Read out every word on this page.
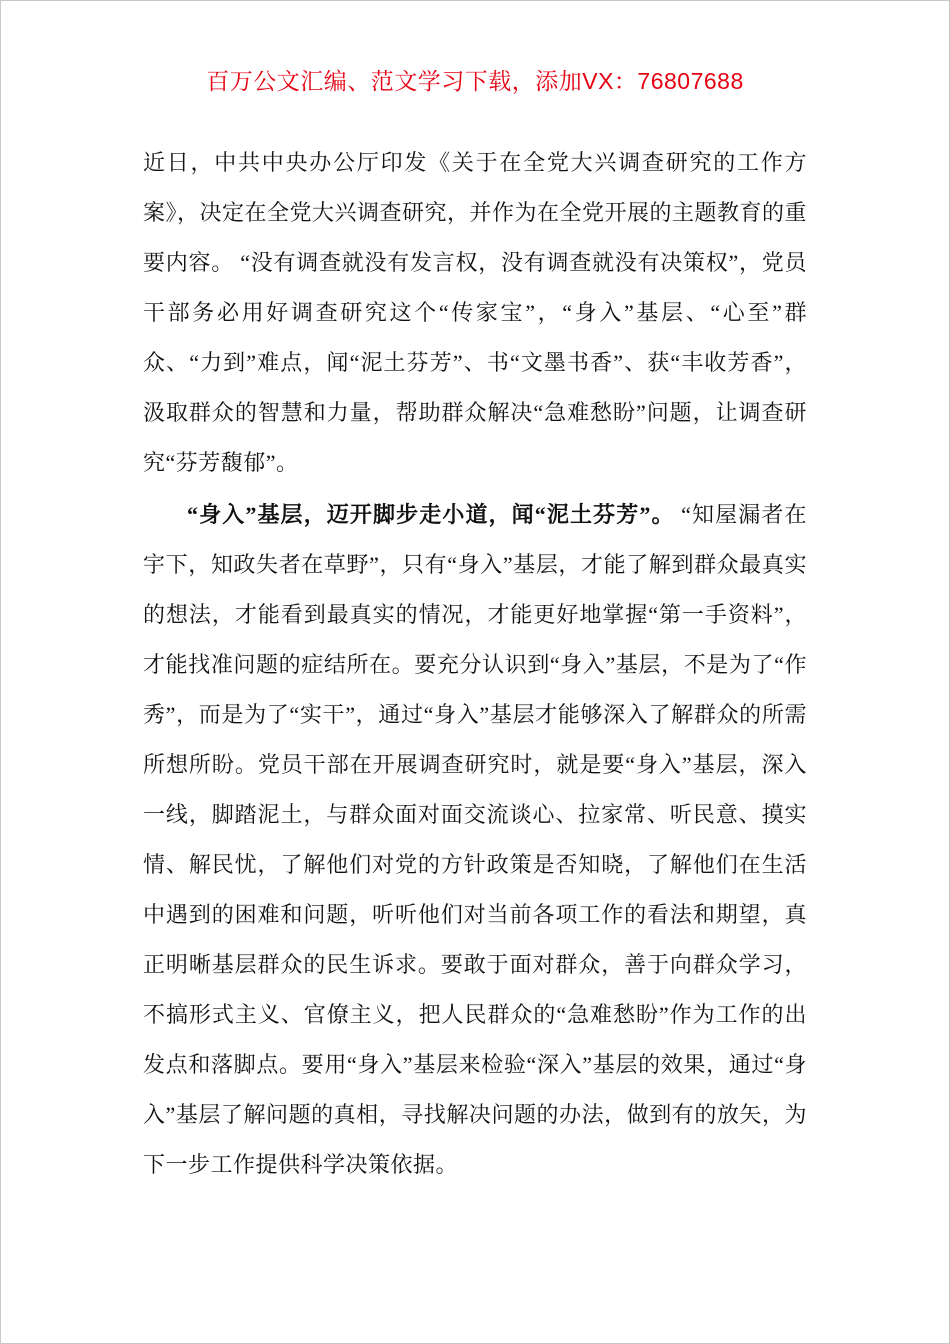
百万公文汇编、范文学习下载，添加VX：76807688

近日，中共中央办公厅印发《关于在全党大兴调查研究的工作方案》，决定在全党大兴调查研究，并作为在全党开展的主题教育的重要内容。 “没有调查就没有发言权，没有调查就没有决策权”，党员干部务必用好调查研究这个“传家宝”，“身入”基层、“心至”群众、“力到”难点，闻“泥土芬芳”、书“文墨书香”、获“丰收芳香”，汲取群众的智慧和力量，帮助群众解决“急难愁盼”问题，让调查研究“芬芳馥郁”。

“身入”基层，迈开脚步走小道，闻“泥土芬芳”。 “知屋漏者在宇下，知政失者在草野”，只有“身入”基层，才能了解到群众最真实的想法，才能看到最真实的情况，才能更好地掌握“第一手资料”，才能找准问题的症结所在。要充分认识到“身入”基层，不是为了“作秀”，而是为了“实干”，通过“身入”基层才能够深入了解群众的所需所想所盼。党员干部在开展调查研究时，就是要“身入”基层，深入一线，脚踏泥土，与群众面对面交流谈心、拉家常、听民意、摸实情、解民忧，了解他们对党的方针政策是否知晓，了解他们在生活中遇到的困难和问题，听听他们对当前各项工作的看法和期望，真正明晰基层群众的民生诉求。要敢于面对群众，善于向群众学习，不搞形式主义、官僚主义，把人民群众的“急难愁盼”作为工作的出发点和落脚点。要用“身入”基层来检验“深入”基层的效果，通过“身入”基层了解问题的真相，寻找解决问题的办法，做到有的放矢，为下一步工作提供科学决策依据。
